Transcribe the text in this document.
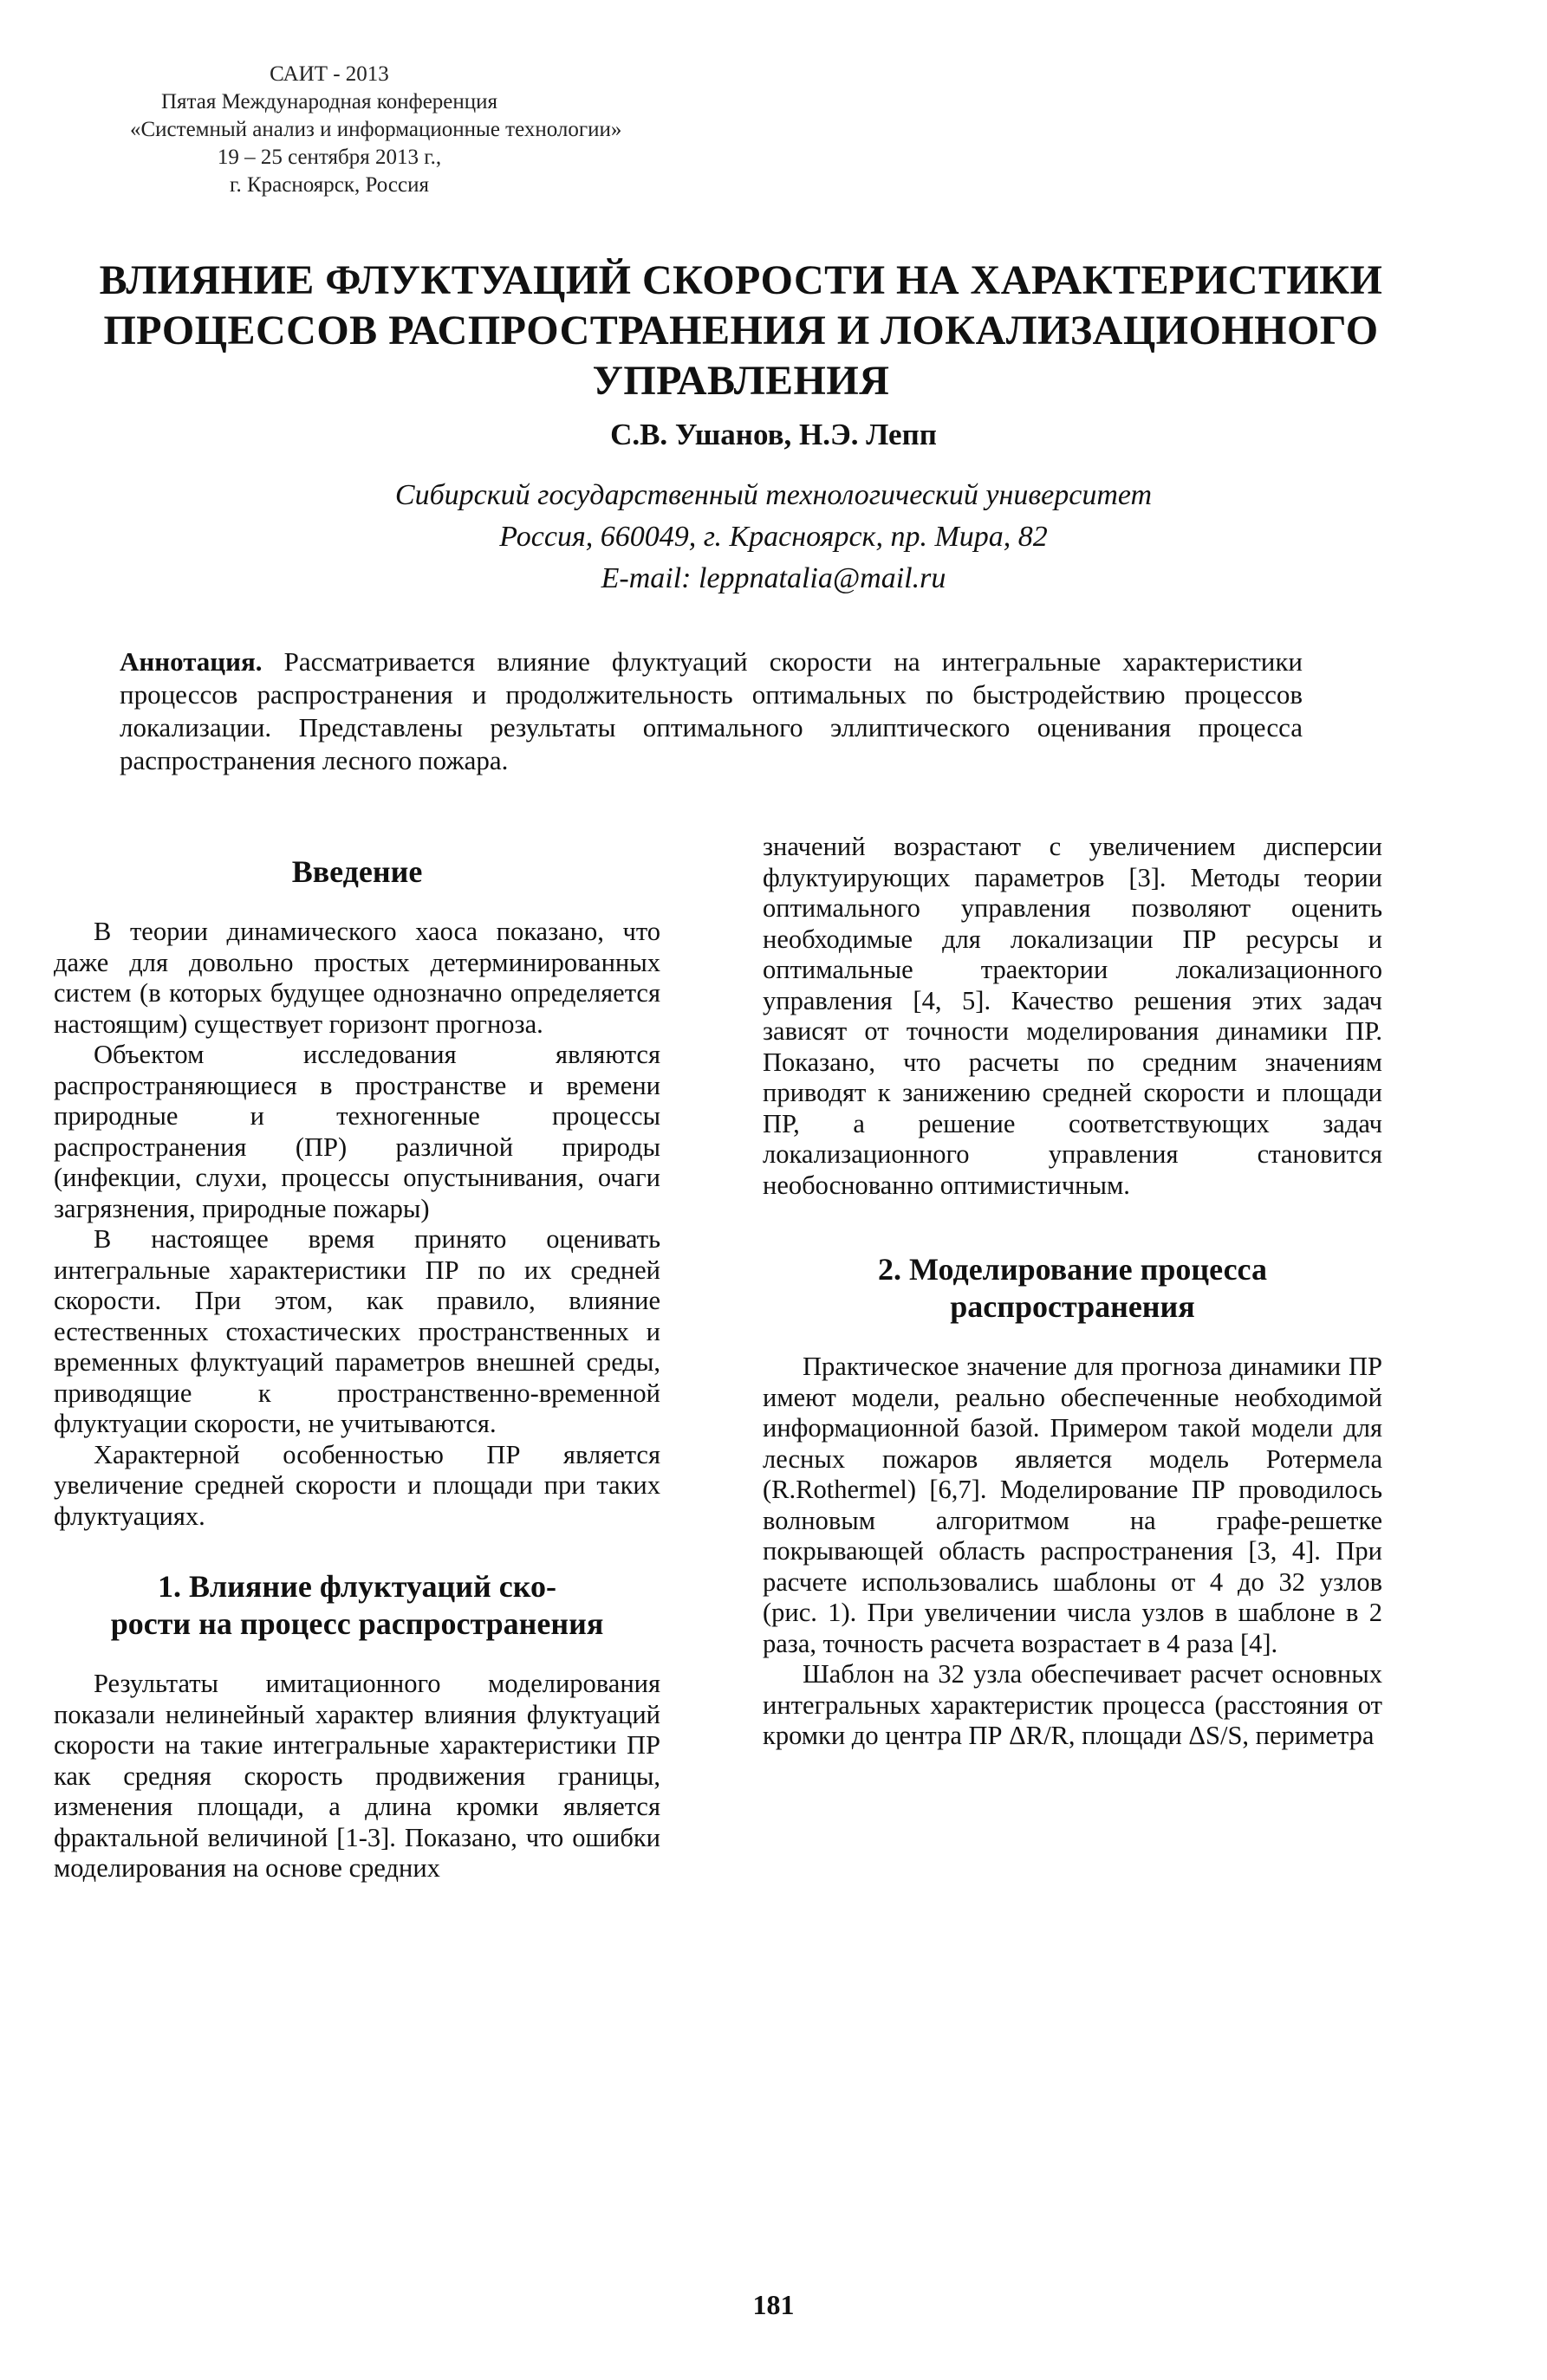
САИТ - 2013
Пятая Международная конференция
«Системный анализ и информационные технологии»
19 – 25 сентября 2013 г.,
г. Красноярск, Россия
ВЛИЯНИЕ ФЛУКТУАЦИЙ СКОРОСТИ НА ХАРАКТЕРИСТИКИ
ПРОЦЕССОВ РАСПРОСТРАНЕНИЯ И ЛОКАЛИЗАЦИОННОГО
УПРАВЛЕНИЯ
С.В. Ушанов, Н.Э. Лепп
Сибирский государственный технологический университет
Россия, 660049, г. Красноярск, пр. Мира, 82
E-mail: leppnatalia@mail.ru
Аннотация. Рассматривается влияние флуктуаций скорости на интегральные характеристики процессов распространения и продолжительность оптимальных по быстродействию процессов локализации. Представлены результаты оптимального эллиптического оценивания процесса распространения лесного пожара.
Введение

В теории динамического хаоса показано, что даже для довольно простых детерминированных систем (в которых будущее однозначно определяется настоящим) существует горизонт прогноза.

Объектом исследования являются распространяющиеся в пространстве и времени природные и техногенные процессы распространения (ПР) различной природы (инфекции, слухи, процессы опустынивания, очаги загрязнения, природные пожары)

В настоящее время принято оценивать интегральные характеристики ПР по их средней скорости. При этом, как правило, влияние естественных стохастических пространственных и временных флуктуаций параметров внешней среды, приводящие к пространственно-временной флуктуации скорости, не учитываются.

Характерной особенностью ПР является увеличение средней скорости и площади при таких флуктуациях.

1. Влияние флуктуаций ско-
рости на процесс распространения

Результаты имитационного моделирования показали нелинейный характер влияния флуктуаций скорости на такие интегральные характеристики ПР как средняя скорость продвижения границы, изменения площади, а длина кромки является фрактальной величиной [1-3]. Показано, что ошибки моделирования на основе средних

значений возрастают с увеличением дисперсии флуктуирующих параметров [3]. Методы теории оптимального управления позволяют оценить необходимые для локализации ПР ресурсы и оптимальные траектории локализационного управления [4, 5]. Качество решения этих задач зависят от точности моделирования динамики ПР. Показано, что расчеты по средним значениям приводят к занижению средней скорости и площади ПР, а решение соответствующих задач локализационного управления становится необоснованно оптимистичным.

2. Моделирование процесса
распространения

Практическое значение для прогноза динамики ПР имеют модели, реально обеспеченные необходимой информационной базой. Примером такой модели для лесных пожаров является модель Ротермела (R.Rothermel) [6,7]. Моделирование ПР проводилось волновым алгоритмом на графе-решетке покрывающей область распространения [3, 4]. При расчете использовались шаблоны от 4 до 32 узлов (рис. 1). При увеличении числа узлов в шаблоне в 2 раза, точность расчета возрастает в 4 раза [4].

Шаблон на 32 узла обеспечивает расчет основных интегральных характеристик процесса (расстояния от кромки до центра ПР ΔR/R, площади ΔS/S, периметра

181
